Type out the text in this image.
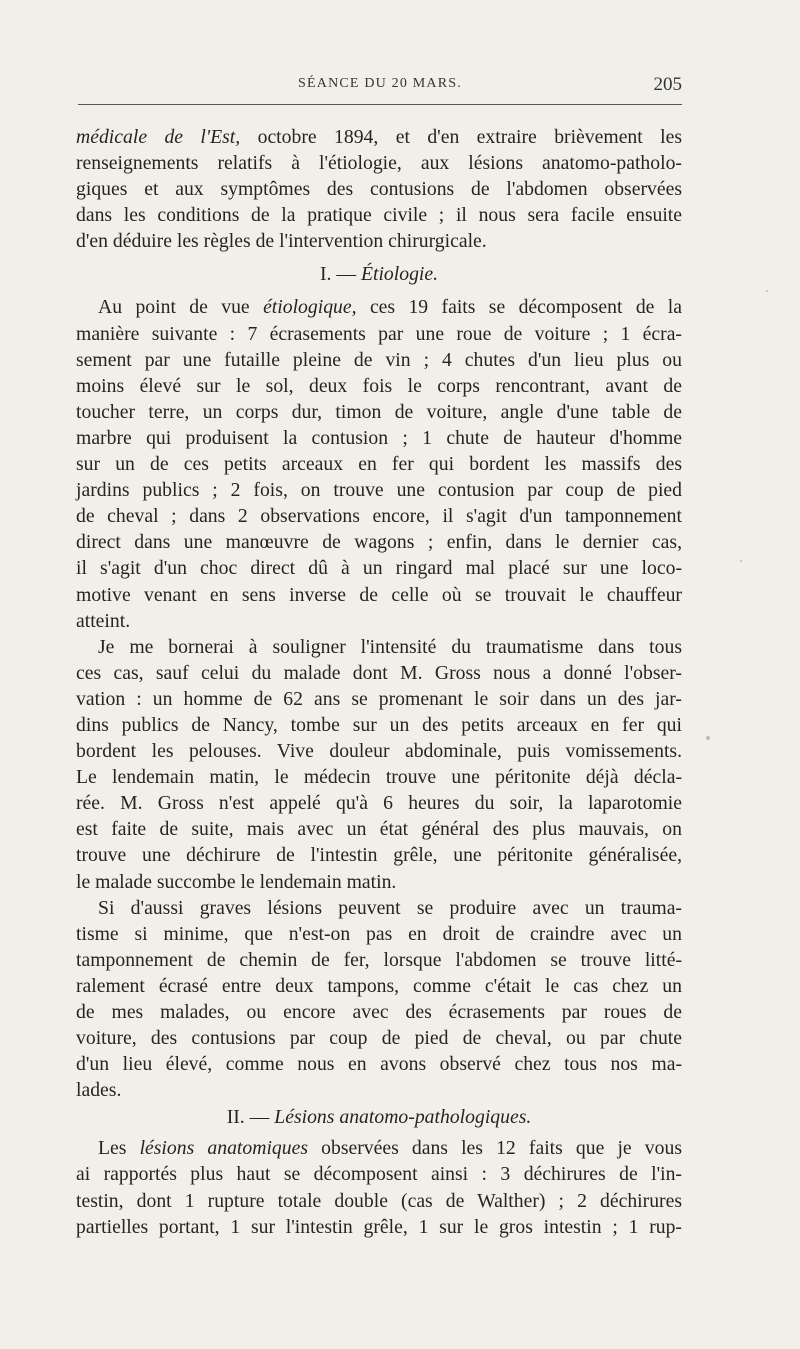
SÉANCE DU 20 MARS.	205
médicale de l'Est, octobre 1894, et d'en extraire brièvement les
renseignements relatifs à l'étiologie, aux lésions anatomo-patholo-
giques et aux symptômes des contusions de l'abdomen observées
dans les conditions de la pratique civile ; il nous sera facile ensuite
d'en déduire les règles de l'intervention chirurgicale.
I. — Étiologie.
Au point de vue étiologique, ces 19 faits se décomposent de la
manière suivante : 7 écrasements par une roue de voiture ; 1 écra-
sement par une futaille pleine de vin ; 4 chutes d'un lieu plus ou
moins élevé sur le sol, deux fois le corps rencontrant, avant de
toucher terre, un corps dur, timon de voiture, angle d'une table de
marbre qui produisent la contusion ; 1 chute de hauteur d'homme
sur un de ces petits arceaux en fer qui bordent les massifs des
jardins publics ; 2 fois, on trouve une contusion par coup de pied
de cheval ; dans 2 observations encore, il s'agit d'un tamponnement
direct dans une manœuvre de wagons ; enfin, dans le dernier cas,
il s'agit d'un choc direct dû à un ringard mal placé sur une loco-
motive venant en sens inverse de celle où se trouvait le chauffeur
atteint.
Je me bornerai à souligner l'intensité du traumatisme dans tous
ces cas, sauf celui du malade dont M. Gross nous a donné l'obser-
vation : un homme de 62 ans se promenant le soir dans un des jar-
dins publics de Nancy, tombe sur un des petits arceaux en fer qui
bordent les pelouses. Vive douleur abdominale, puis vomissements.
Le lendemain matin, le médecin trouve une péritonite déjà décla-
rée. M. Gross n'est appelé qu'à 6 heures du soir, la laparotomie
est faite de suite, mais avec un état général des plus mauvais, on
trouve une déchirure de l'intestin grêle, une péritonite généralisée,
le malade succombe le lendemain matin.
Si d'aussi graves lésions peuvent se produire avec un trauma-
tisme si minime, que n'est-on pas en droit de craindre avec un
tamponnement de chemin de fer, lorsque l'abdomen se trouve litté-
ralement écrasé entre deux tampons, comme c'était le cas chez un
de mes malades, ou encore avec des écrasements par roues de
voiture, des contusions par coup de pied de cheval, ou par chute
d'un lieu élevé, comme nous en avons observé chez tous nos ma-
lades.
II. — Lésions anatomo-pathologiques.
Les lésions anatomiques observées dans les 12 faits que je vous
ai rapportés plus haut se décomposent ainsi : 3 déchirures de l'in-
testin, dont 1 rupture totale double (cas de Walther) ; 2 déchirures
partielles portant, 1 sur l'intestin grêle, 1 sur le gros intestin ; 1 rup-
